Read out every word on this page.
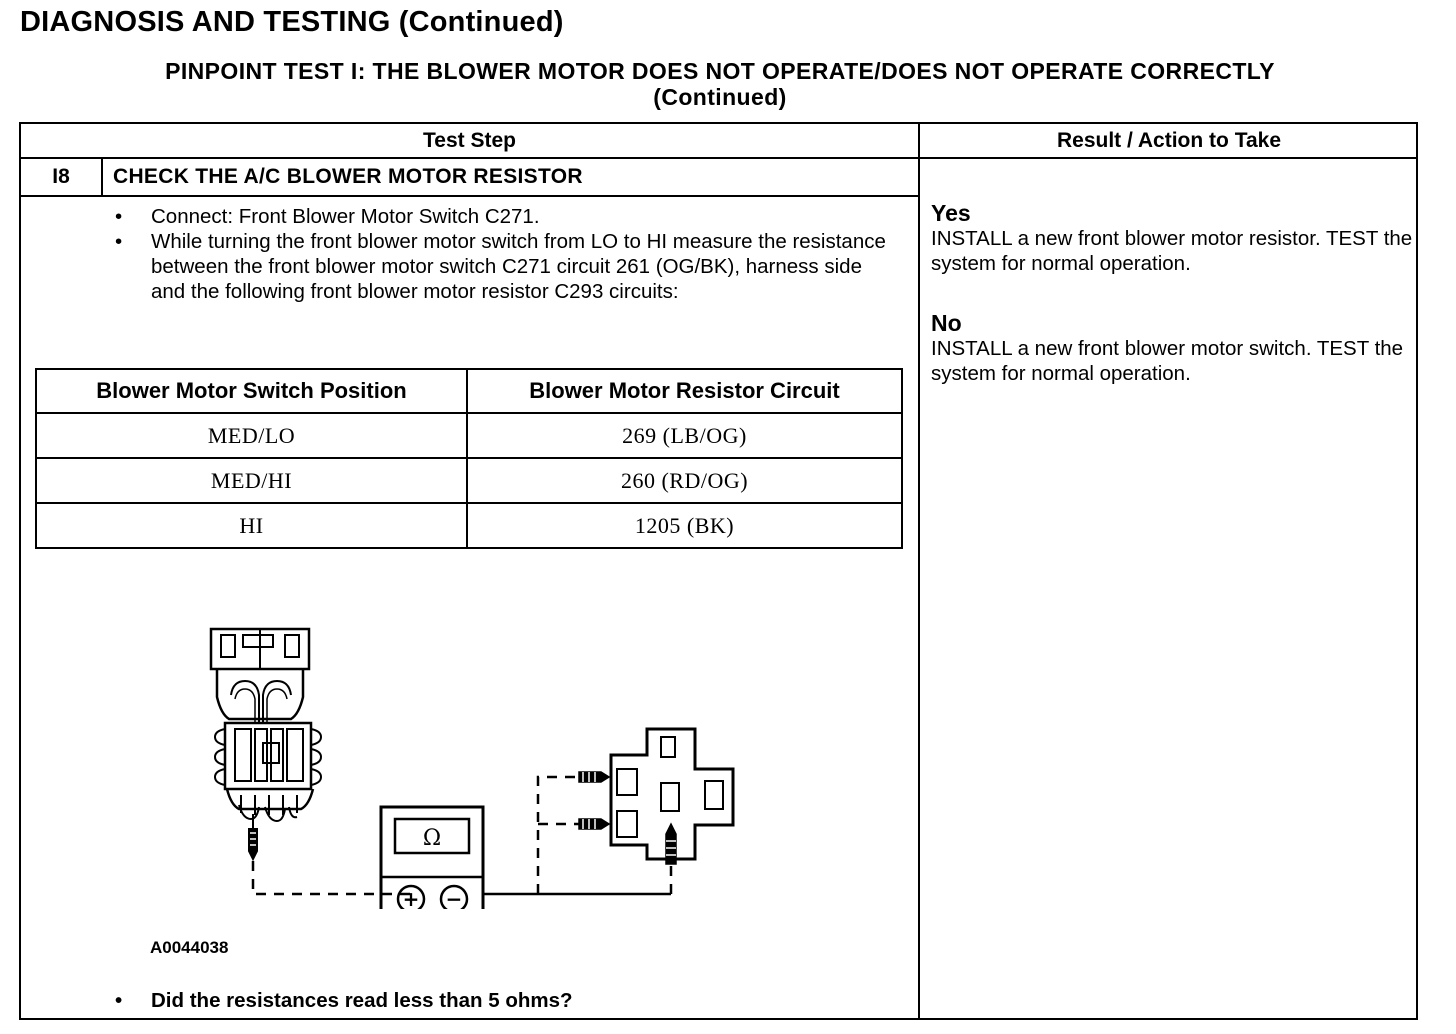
DIAGNOSIS AND TESTING (Continued)
PINPOINT TEST I: THE BLOWER MOTOR DOES NOT OPERATE/DOES NOT OPERATE CORRECTLY
(Continued)
Test Step	Result / Action to Take
I8	CHECK THE A/C BLOWER MOTOR RESISTOR
• Connect: Front Blower Motor Switch C271.
• While turning the front blower motor switch from LO to HI measure the resistance between the front blower motor switch C271 circuit 261 (OG/BK), harness side and the following front blower motor resistor C293 circuits:
Blower Motor Switch Position	Blower Motor Resistor Circuit
MED/LO	269 (LB/OG)
MED/HI	260 (RD/OG)
HI	1205 (BK)
Ω
+ −
A0044038
• Did the resistances read less than 5 ohms?
Yes
INSTALL a new front blower motor resistor. TEST the system for normal operation.
No
INSTALL a new front blower motor switch. TEST the system for normal operation.
